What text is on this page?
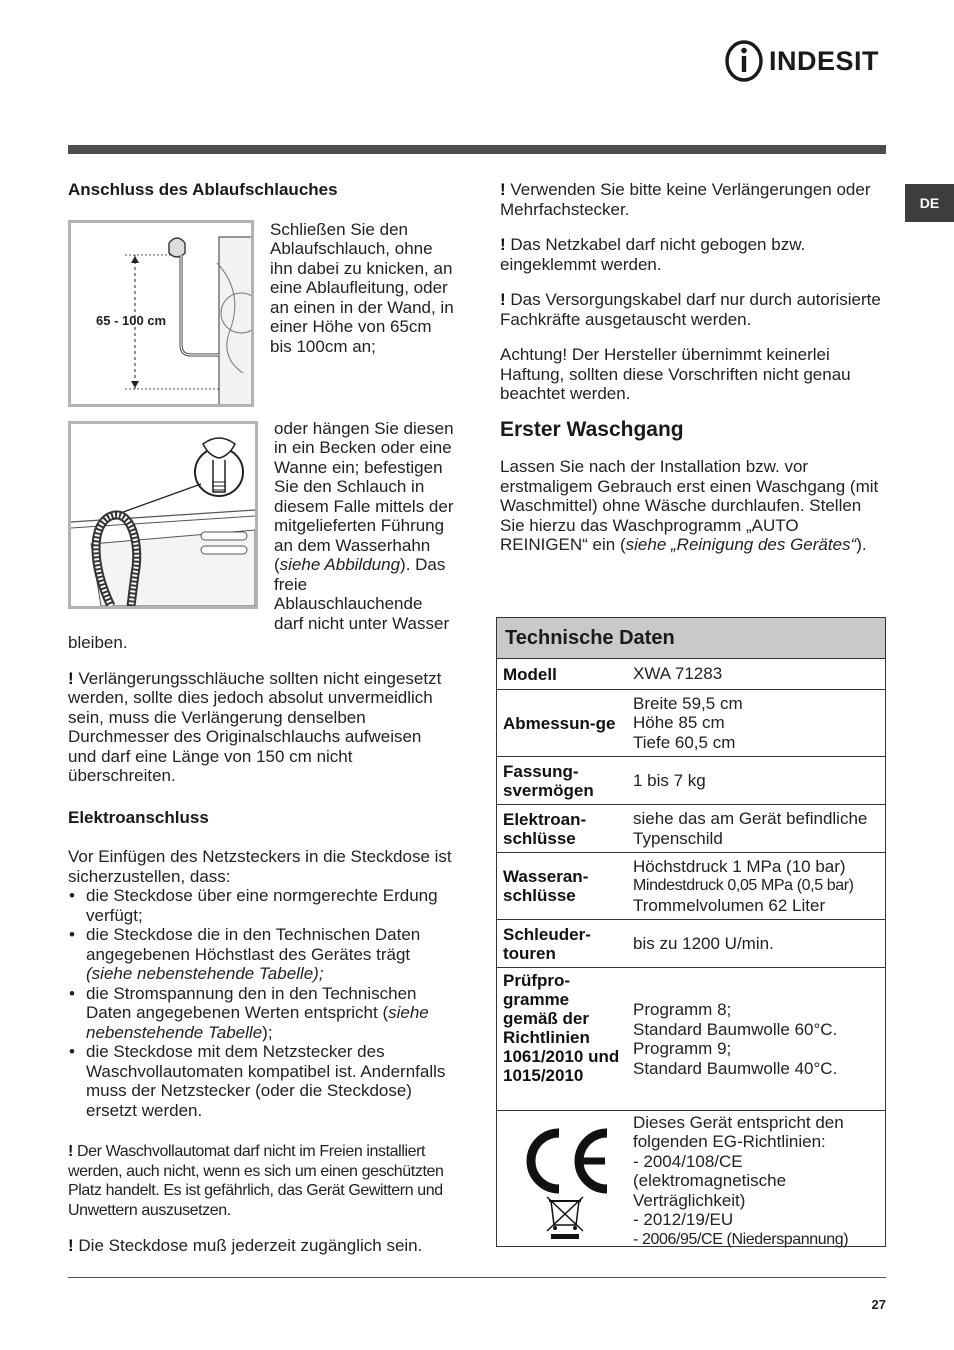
INDESIT
DE
Anschluss des Ablaufschlauches
65 - 100 cm

Schließen Sie den Ablaufschlauch, ohne ihn dabei zu knicken, an eine Ablaufleitung, oder an einen in der Wand, in einer Höhe von 65cm bis 100cm an;

oder hängen Sie diesen in ein Becken oder eine Wanne ein; befestigen Sie den Schlauch in diesem Falle mittels der mitgelieferten Führung an dem Wasserhahn (siehe Abbildung). Das freie Ablauschlauchende darf nicht unter Wasser bleiben.

! Verlängerungsschläuche sollten nicht eingesetzt werden, sollte dies jedoch absolut unvermeidlich sein, muss die Verlängerung denselben Durchmesser des Originalschlauchs aufweisen und darf eine Länge von 150 cm nicht überschreiten.

Elektroanschluss

Vor Einfügen des Netzsteckers in die Steckdose ist sicherzustellen, dass:

• die Steckdose über eine normgerechte Erdung verfügt;
• die Steckdose die in den Technischen Daten angegebenen Höchstlast des Gerätes trägt (siehe nebenstehende Tabelle);
• die Stromspannung den in den Technischen Daten angegebenen Werten entspricht (siehe nebenstehende Tabelle);
• die Steckdose mit dem Netzstecker des Waschvollautomaten kompatibel ist. Andernfalls muss der Netzstecker (oder die Steckdose) ersetzt werden.

! Der Waschvollautomat darf nicht im Freien installiert werden, auch nicht, wenn es sich um einen geschützten Platz handelt. Es ist gefährlich, das Gerät Gewittern und Unwettern auszusetzen.

! Die Steckdose muß jederzeit zugänglich sein.

! Verwenden Sie bitte keine Verlängerungen oder Mehrfachstecker.

! Das Netzkabel darf nicht gebogen bzw. eingeklemmt werden.

! Das Versorgungskabel darf nur durch autorisierte Fachkräfte ausgetauscht werden.

Achtung! Der Hersteller übernimmt keinerlei Haftung, sollten diese Vorschriften nicht genau beachtet werden.

Erster Waschgang

Lassen Sie nach der Installation bzw. vor erstmaligem Gebrauch erst einen Waschgang (mit Waschmittel) ohne Wäsche durchlaufen. Stellen Sie hierzu das Waschprogramm „AUTO REINIGEN“ ein (siehe „Reinigung des Gerätes“).

Technische Daten
Modell	XWA 71283
Abmessun-ge
Breite 59,5 cm
Höhe 85 cm
Tiefe 60,5 cm
Fassung-svermögen
1 bis 7 kg
Elektroan-schlüsse
siehe das am Gerät befindliche Typenschild
Wasseran-schlüsse
Höchstdruck 1 MPa (10 bar)
Mindestdruck 0,05 MPa (0,5 bar)
Trommelvolumen 62 Liter
Schleuder-touren
bis zu 1200 U/min.
Prüfpro-gramme gemäß der Richtlinien 1061/2010 und 1015/2010
Programm 8;
Standard Baumwolle 60°C.
Programm 9;
Standard Baumwolle 40°C.
Dieses Gerät entspricht den folgenden EG-Richtlinien:
- 2004/108/CE (elektromagnetische Verträglichkeit)
- 2012/19/EU
- 2006/95/CE (Niederspannung)
27
